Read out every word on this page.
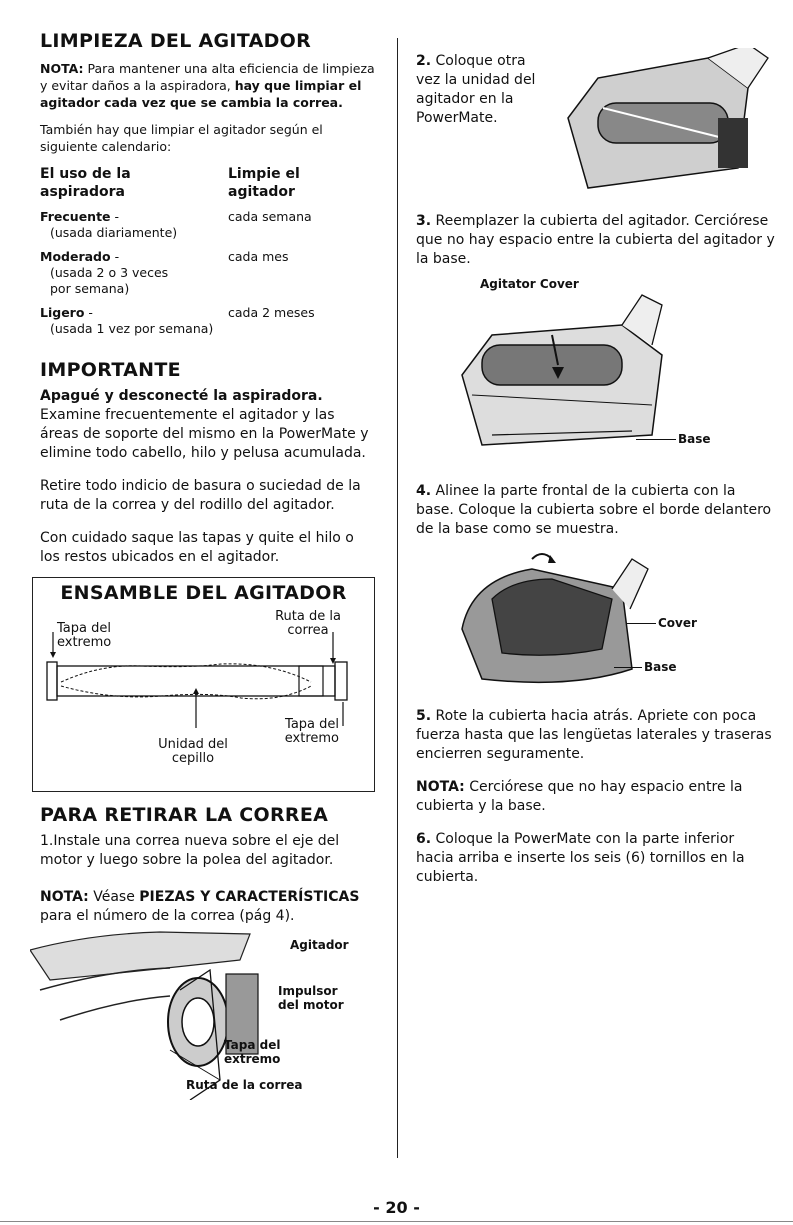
LIMPIEZA DEL AGITADOR

NOTA: Para mantener una alta eficiencia de limpieza y evitar daños a la aspiradora, hay que limpiar el agitador cada vez que se cambia la correa.

También hay que limpiar el agitador según el siguiente calendario:

El uso de la aspiradora
Limpie el agitador
Frecuente -
(usada diariamente)
cada semana
Moderado -
(usada 2 o 3 veces por semana)
cada mes
Ligero -
(usada 1 vez por semana)
cada 2 meses
IMPORTANTE

Apagué y desconecté la aspiradora. Examine frecuentemente el agitador y las áreas de soporte del mismo en la PowerMate y elimine todo cabello, hilo y pelusa acumulada.

Retire todo indicio de basura o suciedad de la ruta de la correa y del rodillo del agitador.

Con cuidado saque las tapas y quite el hilo o los restos ubicados en el agitador.

ENSAMBLE DEL AGITADOR
Tapa del extremo
Ruta de la correa
Tapa del extremo
Unidad del cepillo
PARA RETIRAR LA CORREA

1.Instale una correa nueva sobre el eje del motor y luego sobre la polea del agitador.

NOTA: Véase PIEZAS Y CARACTERÍSTICAS para el número de la correa (pág 4).

Agitador
Impulsor del motor
Tapa del extremo
Ruta de la correa

2. Coloque otra vez la unidad del agitador en la PowerMate.

3. Reemplazer la cubierta del agitador. Cerciórese que no hay espacio entre la cubierta del agitador y la base.

Agitator Cover
Base

4. Alinee la parte frontal de la cubierta con la base. Coloque la cubierta sobre el borde delantero de la base como se muestra.

Cover
Base

5. Rote la cubierta hacia atrás. Apriete con poca fuerza hasta que las lengüetas laterales y traseras encierren seguramente.

NOTA: Cerciórese que no hay espacio entre la cubierta y la base.

6. Coloque la PowerMate con la parte inferior hacia arriba e inserte los seis (6) tornillos en la cubierta.

- 20 -
